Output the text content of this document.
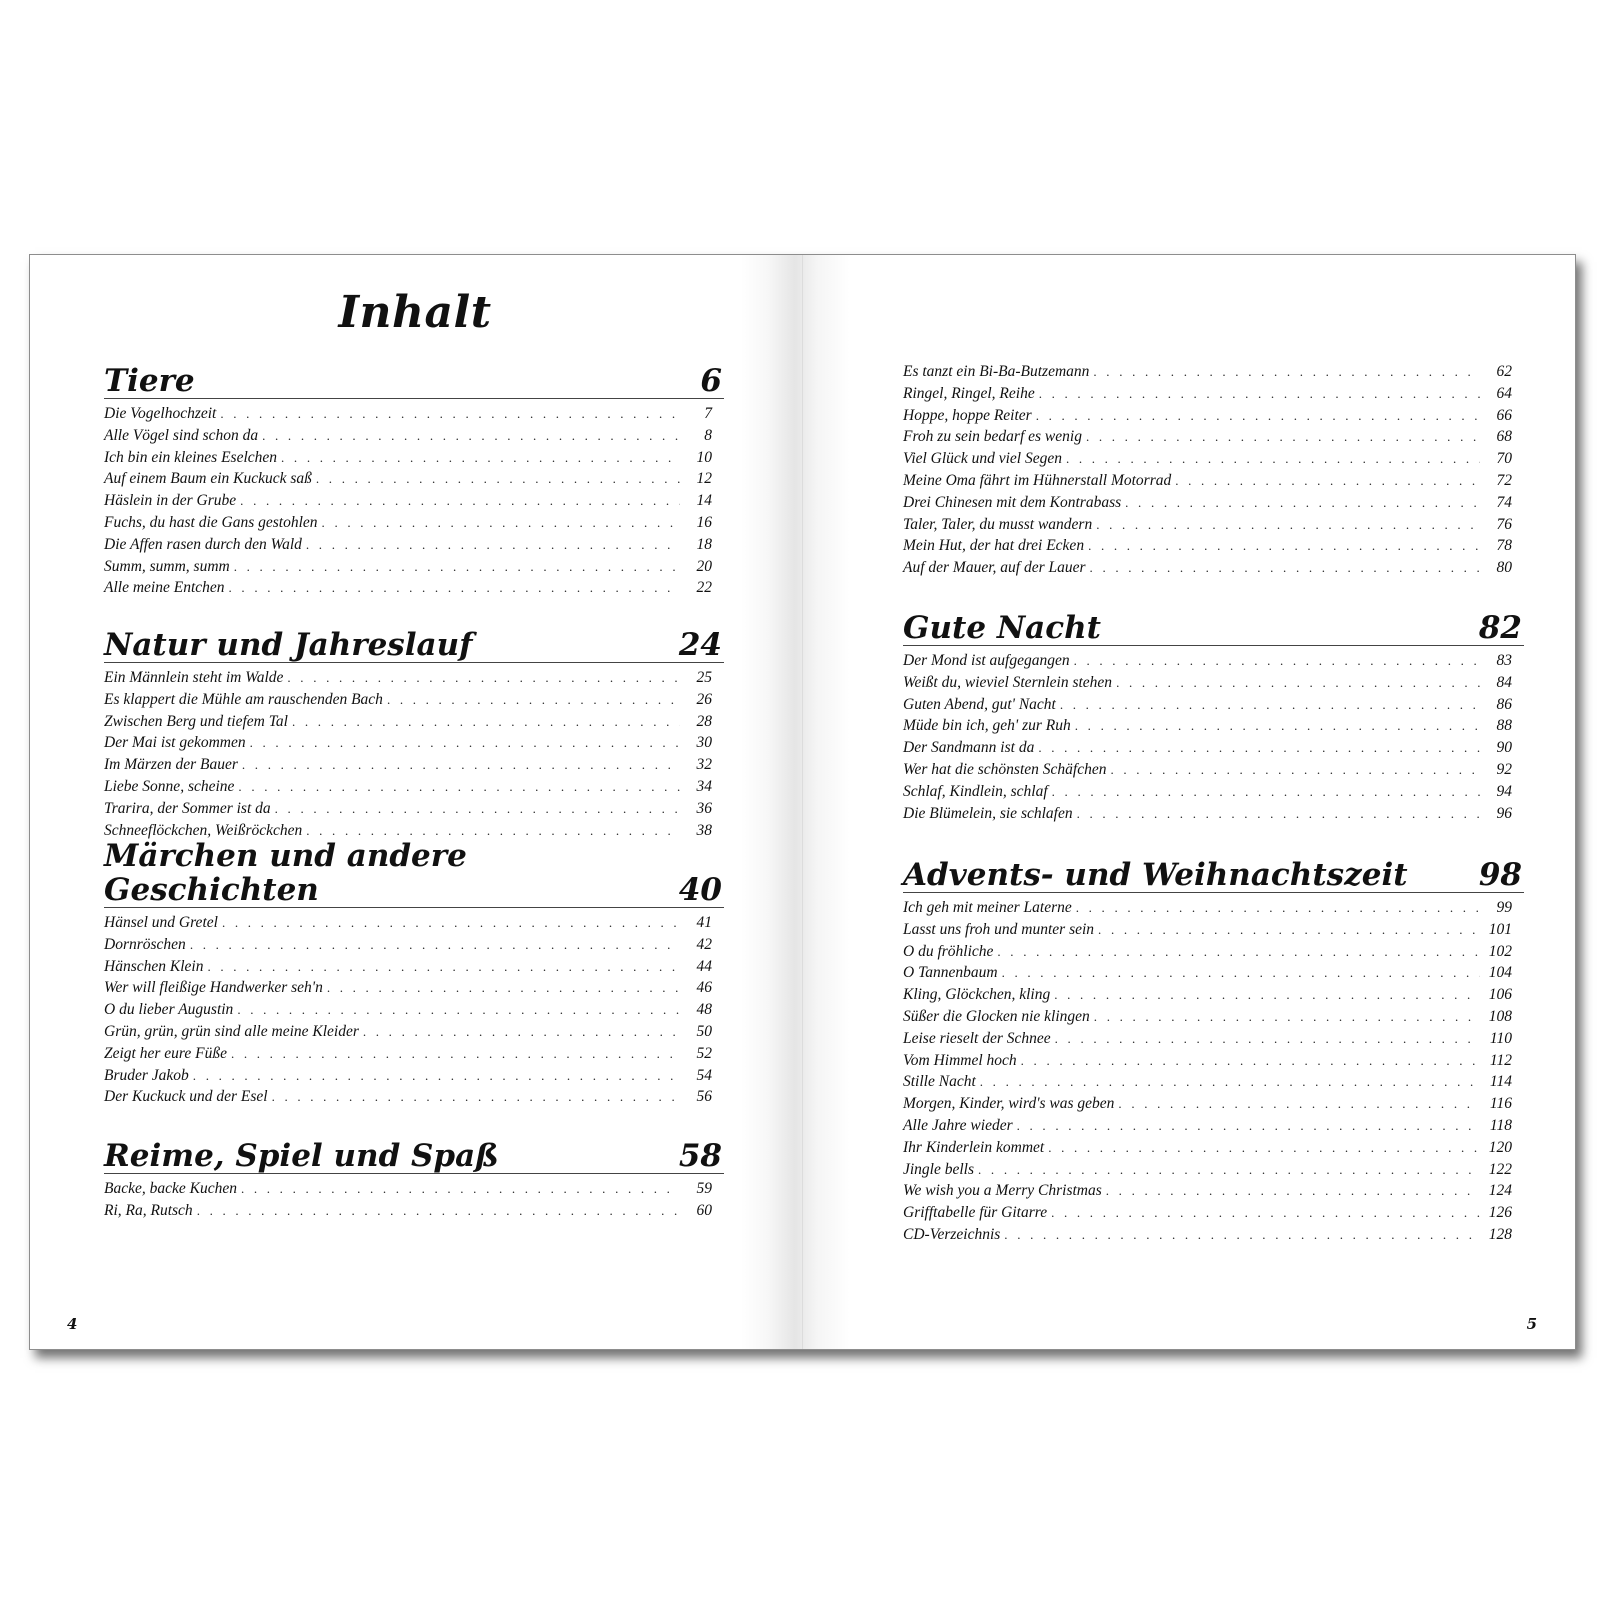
Inhalt
Tiere	6
Die Vogelhochzeit . . .	7
Alle Vögel sind schon da . . .	8
Ich bin ein kleines Eselchen . . .	10
Auf einem Baum ein Kuckuck saß . . .	12
Häslein in der Grube . . .	14
Fuchs, du hast die Gans gestohlen . . .	16
Die Affen rasen durch den Wald . . .	18
Summ, summ, summ . . .	20
Alle meine Entchen . . .	22
Natur und Jahreslauf	24
Ein Männlein steht im Walde . . .	25
Es klappert die Mühle am rauschenden Bach . . .	26
Zwischen Berg und tiefem Tal . . .	28
Der Mai ist gekommen . . .	30
Im Märzen der Bauer . . .	32
Liebe Sonne, scheine . . .	34
Trarira, der Sommer ist da . . .	36
Schneeflöckchen, Weißröckchen . . .	38
Märchen und andere Geschichten	40
Hänsel und Gretel . . .	41
Dornröschen . . .	42
Hänschen Klein . . .	44
Wer will fleißige Handwerker seh'n . . .	46
O du lieber Augustin . . .	48
Grün, grün, grün sind alle meine Kleider . . .	50
Zeigt her eure Füße . . .	52
Bruder Jakob . . .	54
Der Kuckuck und der Esel . . .	56
Reime, Spiel und Spaß	58
Backe, backe Kuchen . . .	59
Ri, Ra, Rutsch . . .	60
4
Es tanzt ein Bi-Ba-Butzemann . . .	62
Ringel, Ringel, Reihe . . .	64
Hoppe, hoppe Reiter . . .	66
Froh zu sein bedarf es wenig . . .	68
Viel Glück und viel Segen . . .	70
Meine Oma fährt im Hühnerstall Motorrad . . .	72
Drei Chinesen mit dem Kontrabass . . .	74
Taler, Taler, du musst wandern . . .	76
Mein Hut, der hat drei Ecken . . .	78
Auf der Mauer, auf der Lauer . . .	80
Gute Nacht	82
Der Mond ist aufgegangen . . .	83
Weißt du, wieviel Sternlein stehen . . .	84
Guten Abend, gut' Nacht . . .	86
Müde bin ich, geh' zur Ruh . . .	88
Der Sandmann ist da . . .	90
Wer hat die schönsten Schäfchen . . .	92
Schlaf, Kindlein, schlaf . . .	94
Die Blümelein, sie schlafen . . .	96
Advents- und Weihnachtszeit 98
Ich geh mit meiner Laterne . . .	99
Lasst uns froh und munter sein . . .	101
O du fröhliche . . .	102
O Tannenbaum . . .	104
Kling, Glöckchen, kling . . .	106
Süßer die Glocken nie klingen . . .	108
Leise rieselt der Schnee . . .	110
Vom Himmel hoch . . .	112
Stille Nacht . . .	114
Morgen, Kinder, wird's was geben . . .	116
Alle Jahre wieder . . .	118
Ihr Kinderlein kommet . . .	120
Jingle bells . . .	122
We wish you a Merry Christmas . . .	124
Grifftabelle für Gitarre . . .	126
CD-Verzeichnis . . .	128
5
